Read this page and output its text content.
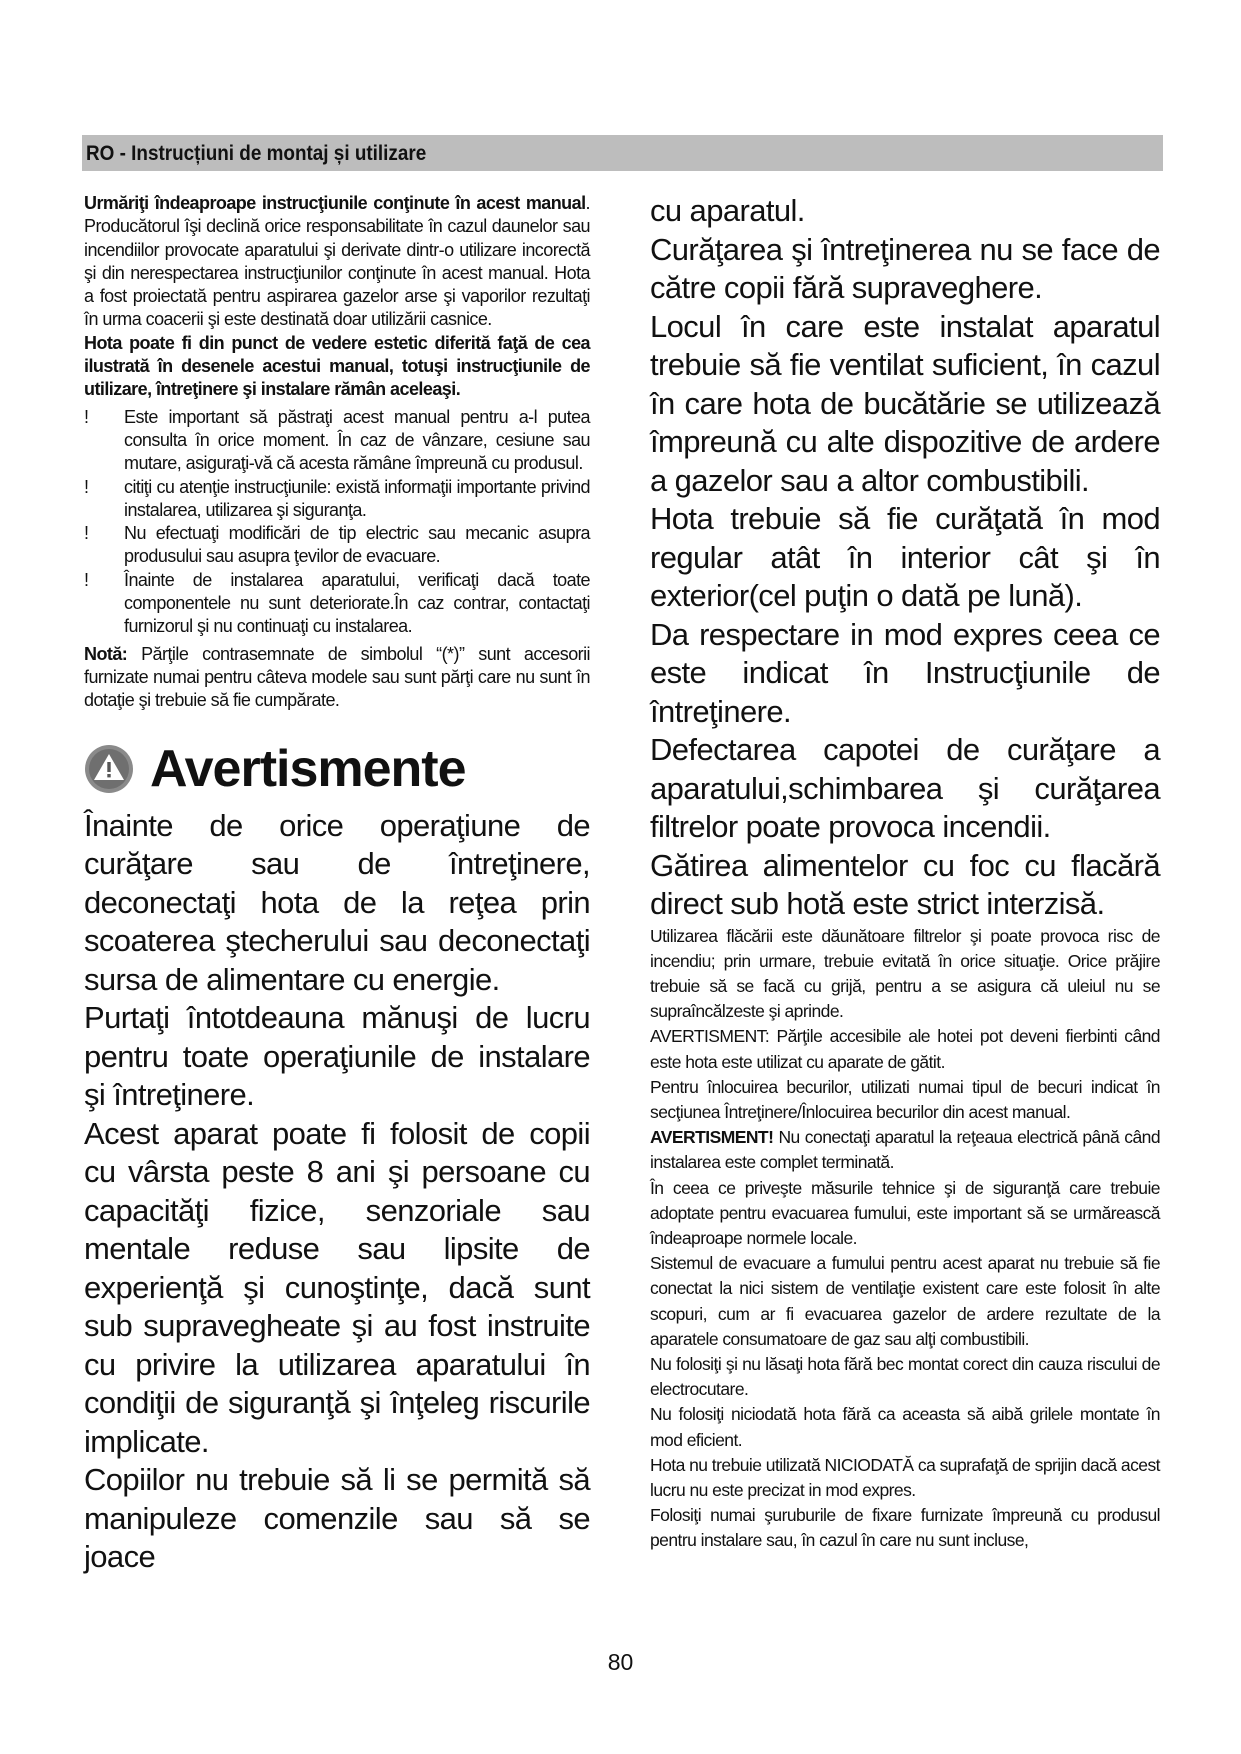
RO - Instrucțiuni de montaj și utilizare

Urmăriţi îndeaproape instrucţiunile conţinute în acest manual. Producătorul îşi declină orice responsabilitate în cazul daunelor sau incendiilor provocate aparatului şi derivate dintr-o utilizare incorectă şi din nerespectarea instrucţiunilor conţinute în acest manual. Hota a fost proiectată pentru aspirarea gazelor arse şi vaporilor rezultaţi în urma coacerii şi este destinată doar utilizării casnice.

Hota poate fi din punct de vedere estetic diferită faţă de cea ilustrată în desenele acestui manual, totuşi instrucţiunile de utilizare, întreţinere şi instalare rămân aceleaşi.

! Este important să păstraţi acest manual pentru a-l putea consulta în orice moment. În caz de vânzare, cesiune sau mutare, asiguraţi-vă că acesta rămâne împreună cu produsul.
! citiţi cu atenţie instrucţiunile: există informaţii importante privind instalarea, utilizarea şi siguranţa.
! Nu efectuaţi modificări de tip electric sau mecanic asupra produsului sau asupra ţevilor de evacuare.
! Înainte de instalarea aparatului, verificaţi dacă toate componentele nu sunt deteriorate.În caz contrar, contactaţi furnizorul şi nu continuaţi cu instalarea.

Notă: Părţile contrasemnate de simbolul “(*)” sunt accesorii furnizate numai pentru câteva modele sau sunt părţi care nu sunt în dotaţie şi trebuie să fie cumpărate.

Avertismente

Înainte de orice operaţiune de curăţare sau de întreţinere, deconectaţi hota de la reţea prin scoaterea ştecherului sau deconectaţi sursa de alimentare cu energie.

Purtaţi întotdeauna mănuşi de lucru pentru toate operaţiunile de instalare şi întreţinere.

Acest aparat poate fi folosit de copii cu vârsta peste 8 ani şi persoane cu capacităţi fizice, senzoriale sau mentale reduse sau lipsite de experienţă şi cunoştinţe, dacă sunt sub supravegheate şi au fost instruite cu privire la utilizarea aparatului în condiţii de siguranţă şi înţeleg riscurile implicate.

Copiilor nu trebuie să li se permită să manipuleze comenzile sau să se joace

cu aparatul.

Curăţarea şi întreţinerea nu se face de către copii fără supraveghere.

Locul în care este instalat aparatul trebuie să fie ventilat suficient, în cazul în care hota de bucătărie se utilizează împreună cu alte dispozitive de ardere a gazelor sau a altor combustibili.

Hota trebuie să fie curăţată în mod regular atât în interior cât şi în exterior(cel puţin o dată pe lună).

Da respectare in mod expres ceea ce este indicat în Instrucţiunile de întreţinere.

Defectarea capotei de curăţare a aparatului,schimbarea şi curăţarea filtrelor poate provoca incendii.

Gătirea alimentelor cu foc cu flacără direct sub hotă este strict interzisă.

Utilizarea flăcării este dăunătoare filtrelor şi poate provoca risc de incendiu; prin urmare, trebuie evitată în orice situaţie. Orice prăjire trebuie să se facă cu grijă, pentru a se asigura că uleiul nu se supraîncălzeste şi aprinde.

AVERTISMENT: Părţile accesibile ale hotei pot deveni fierbinti când este hota este utilizat cu aparate de gătit.

Pentru înlocuirea becurilor, utilizati numai tipul de becuri indicat în secţiunea Întreţinere/Înlocuirea becurilor din acest manual.

AVERTISMENT! Nu conectaţi aparatul la reţeaua electrică până când instalarea este complet terminată.

În ceea ce priveşte măsurile tehnice şi de siguranţă care trebuie adoptate pentru evacuarea fumului, este important să se urmărească îndeaproape normele locale.

Sistemul de evacuare a fumului pentru acest aparat nu trebuie să fie conectat la nici sistem de ventilaţie existent care este folosit în alte scopuri, cum ar fi evacuarea gazelor de ardere rezultate de la aparatele consumatoare de gaz sau alţi combustibili.

Nu folosiţi şi nu lăsaţi hota fără bec montat corect din cauza riscului de electrocutare.

Nu folosiţi niciodată hota fără ca aceasta să aibă grilele montate în mod eficient.

Hota nu trebuie utilizată NICIODATĂ ca suprafaţă de sprijin dacă acest lucru nu este precizat in mod expres.

Folosiţi numai şuruburile de fixare furnizate împreună cu produsul pentru instalare sau, în cazul în care nu sunt incluse,

80
